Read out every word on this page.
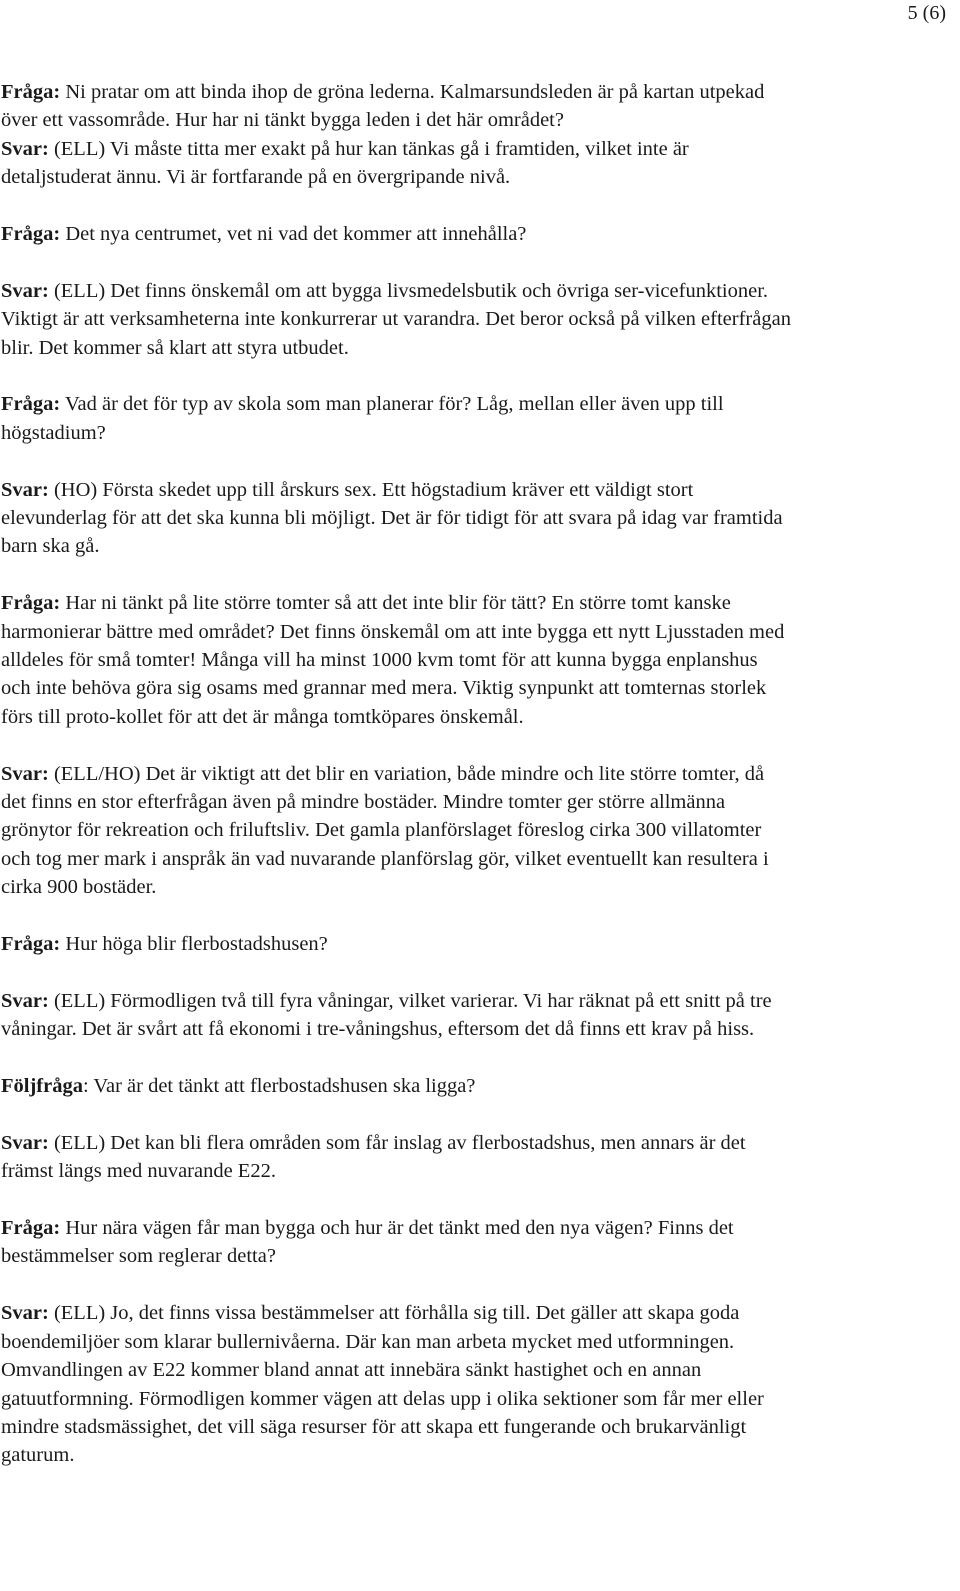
5 (6)

Fråga: Ni pratar om att binda ihop de gröna lederna. Kalmarsundsleden är på kartan utpekad över ett vassområde. Hur har ni tänkt bygga leden i det här området?

Svar: (ELL) Vi måste titta mer exakt på hur kan tänkas gå i framtiden, vilket inte är detaljstuderat ännu. Vi är fortfarande på en övergripande nivå.

Fråga: Det nya centrumet, vet ni vad det kommer att innehålla?

Svar: (ELL) Det finns önskemål om att bygga livsmedelsbutik och övriga ser-vicefunktioner. Viktigt är att verksamheterna inte konkurrerar ut varandra. Det beror också på vilken efterfrågan blir. Det kommer så klart att styra utbudet.

Fråga: Vad är det för typ av skola som man planerar för? Låg, mellan eller även upp till högstadium?

Svar: (HO) Första skedet upp till årskurs sex. Ett högstadium kräver ett väldigt stort elevunderlag för att det ska kunna bli möjligt. Det är för tidigt för att svara på idag var framtida barn ska gå.

Fråga: Har ni tänkt på lite större tomter så att det inte blir för tätt? En större tomt kanske harmonierar bättre med området? Det finns önskemål om att inte bygga ett nytt Ljusstaden med alldeles för små tomter! Många vill ha minst 1000 kvm tomt för att kunna bygga enplanshus och inte behöva göra sig osams med grannar med mera. Viktig synpunkt att tomternas storlek förs till proto-kollet för att det är många tomtköpares önskemål.

Svar: (ELL/HO) Det är viktigt att det blir en variation, både mindre och lite större tomter, då det finns en stor efterfrågan även på mindre bostäder. Mindre tomter ger större allmänna grönytor för rekreation och friluftsliv. Det gamla planförslaget föreslog cirka 300 villatomter och tog mer mark i anspråk än vad nuvarande planförslag gör, vilket eventuellt kan resultera i cirka 900 bostäder.

Fråga: Hur höga blir flerbostadshusen?

Svar: (ELL) Förmodligen två till fyra våningar, vilket varierar. Vi har räknat på ett snitt på tre våningar. Det är svårt att få ekonomi i tre-våningshus, eftersom det då finns ett krav på hiss.

Följfråga: Var är det tänkt att flerbostadshusen ska ligga?

Svar: (ELL) Det kan bli flera områden som får inslag av flerbostadshus, men annars är det främst längs med nuvarande E22.

Fråga: Hur nära vägen får man bygga och hur är det tänkt med den nya vägen? Finns det bestämmelser som reglerar detta?

Svar: (ELL) Jo, det finns vissa bestämmelser att förhålla sig till. Det gäller att skapa goda boendemiljöer som klarar bullernivåerna. Där kan man arbeta mycket med utformningen. Omvandlingen av E22 kommer bland annat att innebära sänkt hastighet och en annan gatuutformning. Förmodligen kommer vägen att delas upp i olika sektioner som får mer eller mindre stadsmässighet, det vill säga resurser för att skapa ett fungerande och brukarvänligt gaturum.
